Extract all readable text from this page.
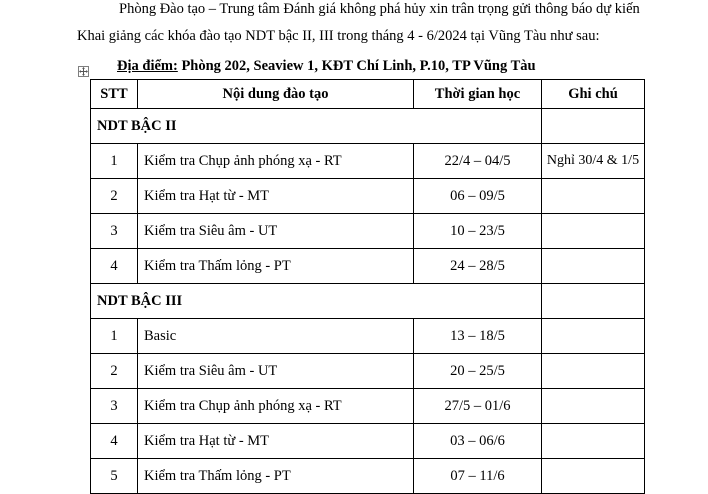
Phòng Đào tạo – Trung tâm Đánh giá không phá hủy xin trân trọng gửi thông báo dự kiến
Khai giảng các khóa đào tạo NDT bậc II, III trong tháng 4 - 6/2024 tại Vũng Tàu như sau:
Địa điểm: Phòng 202, Seaview 1, KĐT Chí Linh, P.10, TP Vũng Tàu
STT	Nội dung đào tạo	Thời gian học	Ghi chú
NDT BẬC II			
1	Kiểm tra Chụp ảnh phóng xạ - RT	22/4 – 04/5	Nghỉ 30/4 & 1/5
2	Kiểm tra Hạt từ - MT	06 – 09/5	
3	Kiểm tra Siêu âm - UT	10 – 23/5	
4	Kiểm tra Thấm lỏng - PT	24 – 28/5	
NDT BẬC III			
1	Basic	13 – 18/5	
2	Kiểm tra Siêu âm - UT	20 – 25/5	
3	Kiểm tra Chụp ảnh phóng xạ - RT	27/5 – 01/6	
4	Kiểm tra Hạt từ - MT	03 – 06/6	
5	Kiểm tra Thấm lỏng - PT	07 – 11/6	
